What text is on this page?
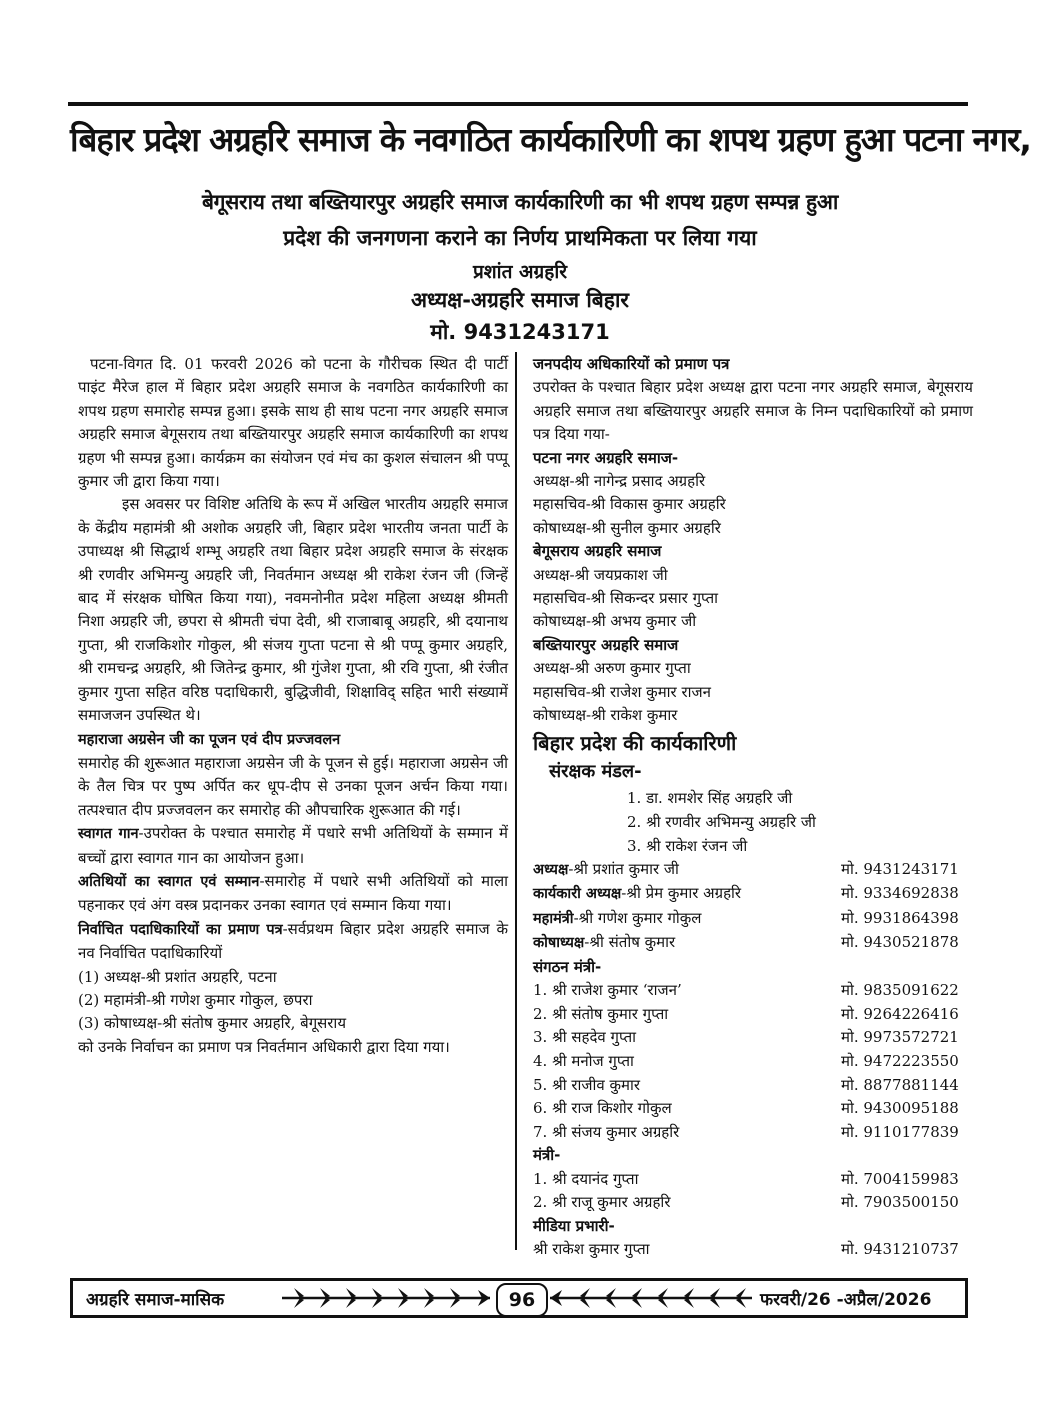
बिहार प्रदेश अग्रहरि समाज के नवगठित कार्यकारिणी का शपथ ग्रहण हुआ पटना नगर,
बेगूसराय तथा बख्तियारपुर अग्रहरि समाज कार्यकारिणी का भी शपथ ग्रहण सम्पन्न हुआ
प्रदेश की जनगणना कराने का निर्णय प्राथमिकता पर लिया गया
प्रशांत अग्रहरि
अध्यक्ष-अग्रहरि समाज बिहार
मो. 9431243171

पटना-विगत दि. 01 फरवरी 2026 को पटना के गौरीचक स्थित दी पार्टी पाइंट मैरेज हाल में बिहार प्रदेश अग्रहरि समाज के नवगठित कार्यकारिणी का शपथ ग्रहण समारोह सम्पन्न हुआ। इसके साथ ही साथ पटना नगर अग्रहरि समाज अग्रहरि समाज बेगूसराय तथा बख्तियारपुर अग्रहरि समाज कार्यकारिणी का शपथ ग्रहण भी सम्पन्न हुआ। कार्यक्रम का संयोजन एवं मंच का कुशल संचालन श्री पप्पू कुमार जी द्वारा किया गया।

इस अवसर पर विशिष्ट अतिथि के रूप में अखिल भारतीय अग्रहरि समाज के केंद्रीय महामंत्री श्री अशोक अग्रहरि जी, बिहार प्रदेश भारतीय जनता पार्टी के उपाध्यक्ष श्री सिद्धार्थ शम्भू अग्रहरि तथा बिहार प्रदेश अग्रहरि समाज के संरक्षक श्री रणवीर अभिमन्यु अग्रहरि जी, निवर्तमान अध्यक्ष श्री राकेश रंजन जी (जिन्हें बाद में संरक्षक घोषित किया गया), नवमनोनीत प्रदेश महिला अध्यक्ष श्रीमती निशा अग्रहरि जी, छपरा से श्रीमती चंपा देवी, श्री राजाबाबू अग्रहरि, श्री दयानाथ गुप्ता, श्री राजकिशोर गोकुल, श्री संजय गुप्ता पटना से श्री पप्पू कुमार अग्रहरि, श्री रामचन्द्र अग्रहरि, श्री जितेन्द्र कुमार, श्री गुंजेश गुप्ता, श्री रवि गुप्ता, श्री रंजीत कुमार गुप्ता सहित वरिष्ठ पदाधिकारी, बुद्धिजीवी, शिक्षाविद् सहित भारी संख्यामें समाजजन उपस्थित थे।

महाराजा अग्रसेन जी का पूजन एवं दीप प्रज्जवलन
समारोह की शुरूआत महाराजा अग्रसेन जी के पूजन से हुई। महाराजा अग्रसेन जी के तैल चित्र पर पुष्प अर्पित कर धूप-दीप से उनका पूजन अर्चन किया गया। तत्पश्चात दीप प्रज्जवलन कर समारोह की औपचारिक शुरूआत की गई।

स्वागत गान-उपरोक्त के पश्चात समारोह में पधारे सभी अतिथियों के सम्मान में बच्चों द्वारा स्वागत गान का आयोजन हुआ।

अतिथियों का स्वागत एवं सम्मान-समारोह में पधारे सभी अतिथियों को माला पहनाकर एवं अंग वस्त्र प्रदानकर उनका स्वागत एवं सम्मान किया गया।

निर्वाचित पदाधिकारियों का प्रमाण पत्र-सर्वप्रथम बिहार प्रदेश अग्रहरि समाज के नव निर्वाचित पदाधिकारियों

(1) अध्यक्ष-श्री प्रशांत अग्रहरि, पटना
(2) महामंत्री-श्री गणेश कुमार गोकुल, छपरा
(3) कोषाध्यक्ष-श्री संतोष कुमार अग्रहरि, बेगूसराय

को उनके निर्वाचन का प्रमाण पत्र निवर्तमान अधिकारी द्वारा दिया गया।

जनपदीय अधिकारियों को प्रमाण पत्र

उपरोक्त के पश्चात बिहार प्रदेश अध्यक्ष द्वारा पटना नगर अग्रहरि समाज, बेगूसराय अग्रहरि समाज तथा बख्तियारपुर अग्रहरि समाज के निम्न पदाधिकारियों को प्रमाण पत्र दिया गया-

पटना नगर अग्रहरि समाज-
अध्यक्ष-श्री नागेन्द्र प्रसाद अग्रहरि
महासचिव-श्री विकास कुमार अग्रहरि
कोषाध्यक्ष-श्री सुनील कुमार अग्रहरि
बेगूसराय अग्रहरि समाज
अध्यक्ष-श्री जयप्रकाश जी
महासचिव-श्री सिकन्दर प्रसार गुप्ता
कोषाध्यक्ष-श्री अभय कुमार जी
बख्तियारपुर अग्रहरि समाज
अध्यक्ष-श्री अरुण कुमार गुप्ता
महासचिव-श्री राजेश कुमार राजन
कोषाध्यक्ष-श्री राकेश कुमार
बिहार प्रदेश की कार्यकारिणी
संरक्षक मंडल-
1. डा. शमशेर सिंह अग्रहरि जी
2. श्री रणवीर अभिमन्यु अग्रहरि जी
3. श्री राकेश रंजन जी
अध्यक्ष-श्री प्रशांत कुमार जी	मो. 9431243171
कार्यकारी अध्यक्ष-श्री प्रेम कुमार अग्रहरि	मो. 9334692838
महामंत्री-श्री गणेश कुमार गोकुल	मो. 9931864398
कोषाध्यक्ष-श्री संतोष कुमार	मो. 9430521878
संगठन मंत्री-
1. श्री राजेश कुमार ‘राजन’	मो. 9835091622
2. श्री संतोष कुमार गुप्ता	मो. 9264226416
3. श्री सहदेव गुप्ता	मो. 9973572721
4. श्री मनोज गुप्ता	मो. 9472223550
5. श्री राजीव कुमार	मो. 8877881144
6. श्री राज किशोर गोकुल	मो. 9430095188
7. श्री संजय कुमार अग्रहरि	मो. 9110177839
मंत्री-
1. श्री दयानंद गुप्ता	मो. 7004159983
2. श्री राजू कुमार अग्रहरि	मो. 7903500150
मीडिया प्रभारी-
श्री राकेश कुमार गुप्ता	मो. 9431210737
अग्रहरि समाज-मासिक	96	फरवरी/26 -अप्रैल/2026
